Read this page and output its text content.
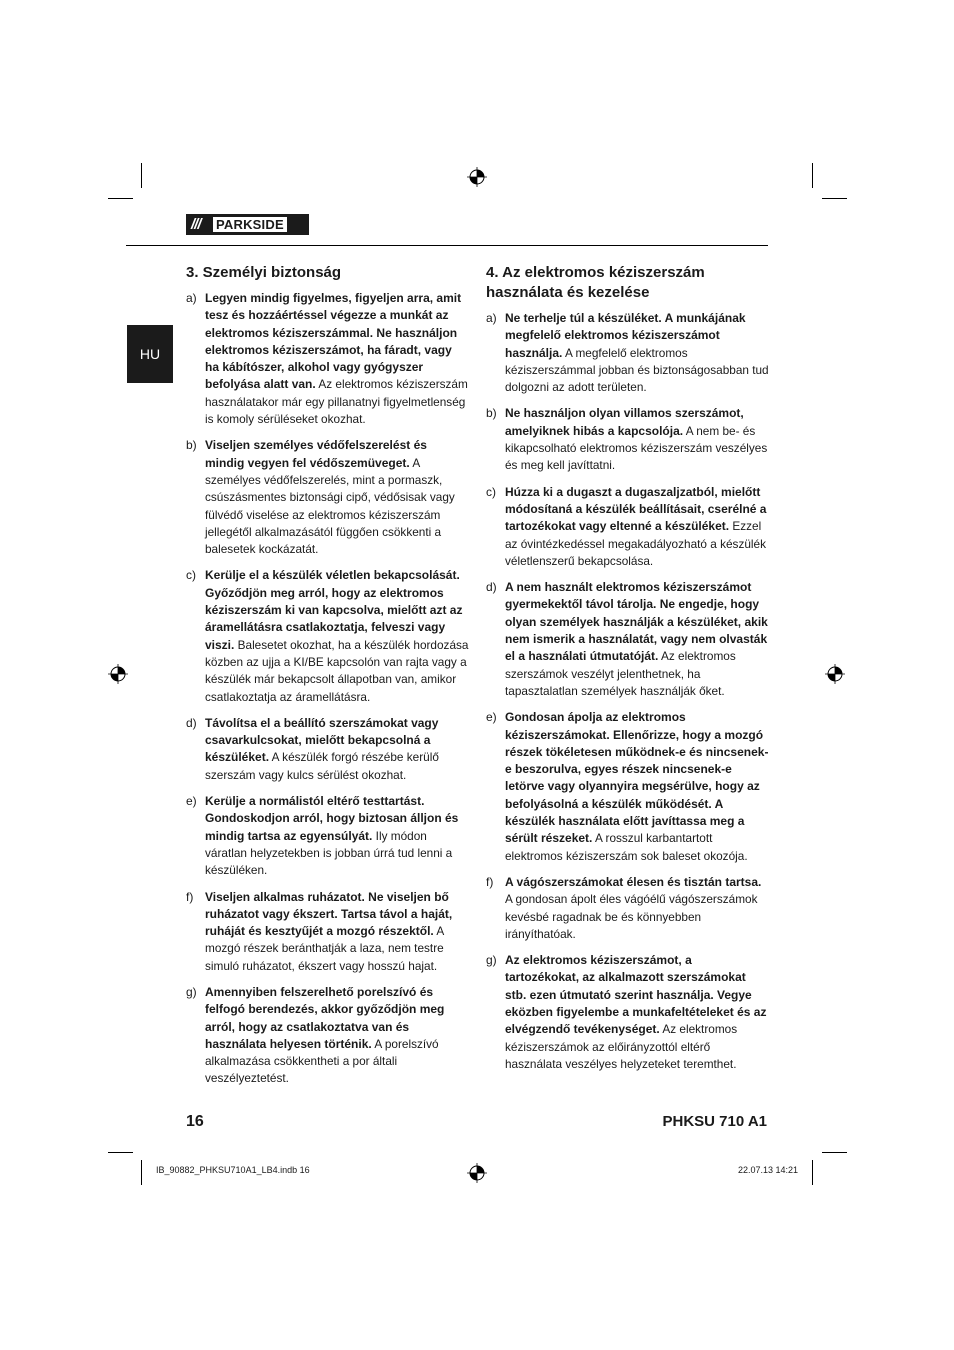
///	PARKSIDE
HU
3. Személyi biztonság
a) Legyen mindig figyelmes, figyeljen arra, amit tesz és hozzáértéssel végezze a munkát az elektromos kéziszerszámmal. Ne használjon elektromos kéziszerszámot, ha fáradt, vagy ha kábítószer, alkohol vagy gyógyszer befolyása alatt van. Az elektromos kéziszerszám használatakor már egy pillanatnyi figyelmetlenség is komoly sérüléseket okozhat.
b) Viseljen személyes védőfelszerelést és mindig vegyen fel védőszemüveget. A személyes védőfelszerelés, mint a pormaszk, csúszásmentes biztonsági cipő, védősisak vagy fülvédő viselése az elektromos kéziszerszám jellegétől alkalmazásától függően csökkenti a balesetek kockázatát.
c) Kerülje el a készülék véletlen bekapcsolását. Győződjön meg arról, hogy az elektromos kéziszerszám ki van kapcsolva, mielőtt azt az áramellátásra csatlakoztatja, felveszi vagy viszi. Balesetet okozhat, ha a készülék hordozása közben az ujja a KI/BE kapcsolón van rajta vagy a készülék már bekapcsolt állapotban van, amikor csatlakoztatja az áramellátásra.
d) Távolítsa el a beállító szerszámokat vagy csavarkulcsokat, mielőtt bekapcsolná a készüléket. A készülék forgó részébe kerülő szerszám vagy kulcs sérülést okozhat.
e) Kerülje a normálistól eltérő testtartást. Gondoskodjon arról, hogy biztosan álljon és mindig tartsa az egyensúlyát. Ily módon váratlan helyzetekben is jobban úrrá tud lenni a készüléken.
f) Viseljen alkalmas ruházatot. Ne viseljen bő ruházatot vagy ékszert. Tartsa távol a haját, ruháját és kesztyűjét a mozgó részektől. A mozgó részek beránthatják a laza, nem testre simuló ruházatot, ékszert vagy hosszú hajat.
g) Amennyiben felszerelhető porelszívó és felfogó berendezés, akkor győződjön meg arról, hogy az csatlakoztatva van és használata helyesen történik. A porelszívó alkalmazása csökkentheti a por általi veszélyeztetést.
4. Az elektromos kéziszerszám használata és kezelése
a) Ne terhelje túl a készüléket. A munkájának megfelelő elektromos kéziszerszámot használja. A megfelelő elektromos kéziszerszámmal jobban és biztonságosabban tud dolgozni az adott területen.
b) Ne használjon olyan villamos szerszámot, amelyiknek hibás a kapcsolója. A nem be- és kikapcsolható elektromos kéziszerszám veszélyes és meg kell javíttatni.
c) Húzza ki a dugaszt a dugaszaljzatból, mielőtt módosítaná a készülék beállításait, cserélné a tartozékokat vagy eltenné a készüléket. Ezzel az óvintézkedéssel megakadályozható a készülék véletlenszerű bekapcsolása.
d) A nem használt elektromos kéziszerszámot gyermekektől távol tárolja. Ne engedje, hogy olyan személyek használják a készüléket, akik nem ismerik a használatát, vagy nem olvasták el a használati útmutatóját. Az elektromos szerszámok veszélyt jelenthetnek, ha tapasztalatlan személyek használják őket.
e) Gondosan ápolja az elektromos kéziszerszámokat. Ellenőrizze, hogy a mozgó részek tökéletesen működnek-e és nincsenek-e beszorulva, egyes részek nincsenek-e letörve vagy olyannyira megsérülve, hogy az befolyásolná a készülék működését. A készülék használata előtt javíttassa meg a sérült részeket. A rosszul karbantartott elektromos kéziszerszám sok baleset okozója.
f) A vágószerszámokat élesen és tisztán tartsa. A gondosan ápolt éles vágóélű vágószerszámok kevésbé ragadnak be és könnyebben irányíthatóak.
g) Az elektromos kéziszerszámot, a tartozékokat, az alkalmazott szerszámokat stb. ezen útmutató szerint használja. Vegye eközben figyelembe a munkafeltételeket és az elvégzendő tevékenységet. Az elektromos kéziszerszámok az előirányzottól eltérő használata veszélyes helyzeteket teremthet.
16	PHKSU 710 A1
IB_90882_PHKSU710A1_LB4.indb 16	22.07.13 14:21
